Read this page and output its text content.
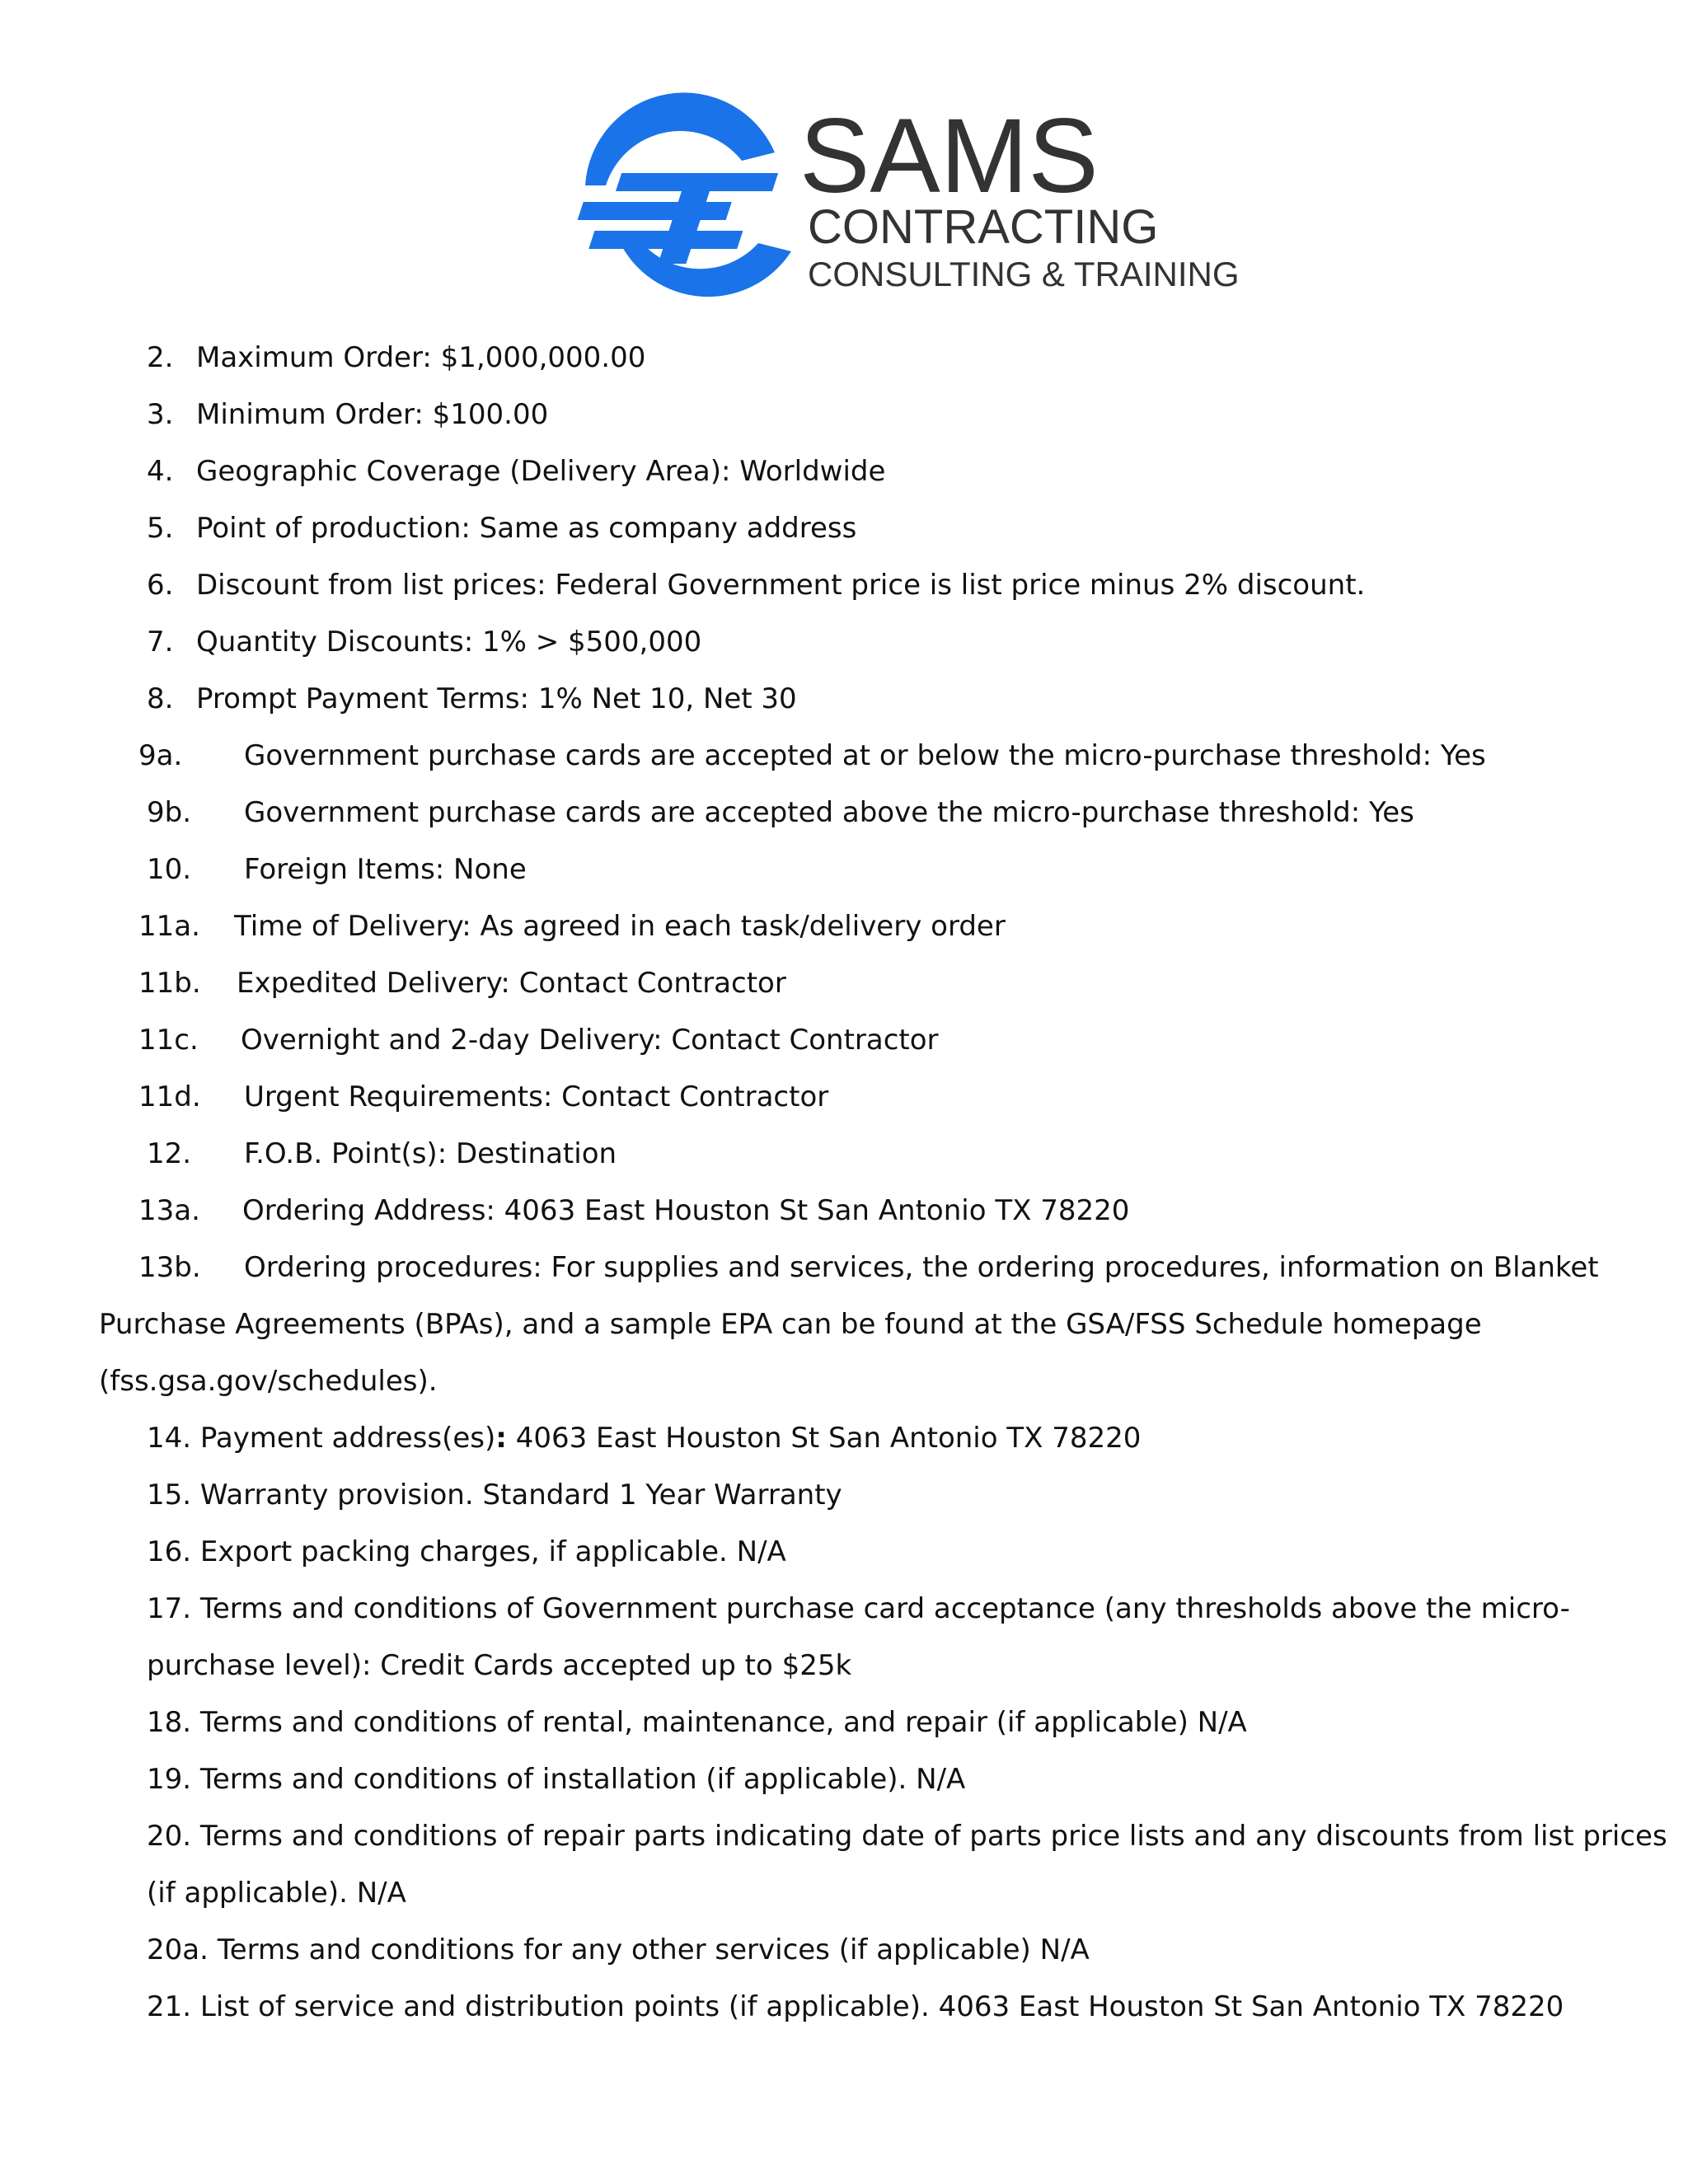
SAMS
CONTRACTING
CONSULTING & TRAINING
2. Maximum Order: $1,000,000.00
3. Minimum Order: $100.00
4. Geographic Coverage (Delivery Area): Worldwide
5. Point of production: Same as company address
6. Discount from list prices: Federal Government price is list price minus 2% discount.
7. Quantity Discounts: 1% > $500,000
8. Prompt Payment Terms: 1% Net 10, Net 30
9a. Government purchase cards are accepted at or below the micro-purchase threshold: Yes
9b. Government purchase cards are accepted above the micro-purchase threshold: Yes
10. Foreign Items: None
11a. Time of Delivery: As agreed in each task/delivery order
11b. Expedited Delivery: Contact Contractor
11c. Overnight and 2-day Delivery: Contact Contractor
11d. Urgent Requirements: Contact Contractor
12. F.O.B. Point(s): Destination
13a. Ordering Address: 4063 East Houston St San Antonio TX 78220
13b. Ordering procedures: For supplies and services, the ordering procedures, information on Blanket
Purchase Agreements (BPAs), and a sample EPA can be found at the GSA/FSS Schedule homepage
(fss.gsa.gov/schedules).
14. Payment address(es): 4063 East Houston St San Antonio TX 78220
15. Warranty provision. Standard 1 Year Warranty
16. Export packing charges, if applicable. N/A
17. Terms and conditions of Government purchase card acceptance (any thresholds above the micro-
purchase level): Credit Cards accepted up to $25k
18. Terms and conditions of rental, maintenance, and repair (if applicable) N/A
19. Terms and conditions of installation (if applicable). N/A
20. Terms and conditions of repair parts indicating date of parts price lists and any discounts from list prices
(if applicable). N/A
20a. Terms and conditions for any other services (if applicable) N/A
21. List of service and distribution points (if applicable). 4063 East Houston St San Antonio TX 78220
